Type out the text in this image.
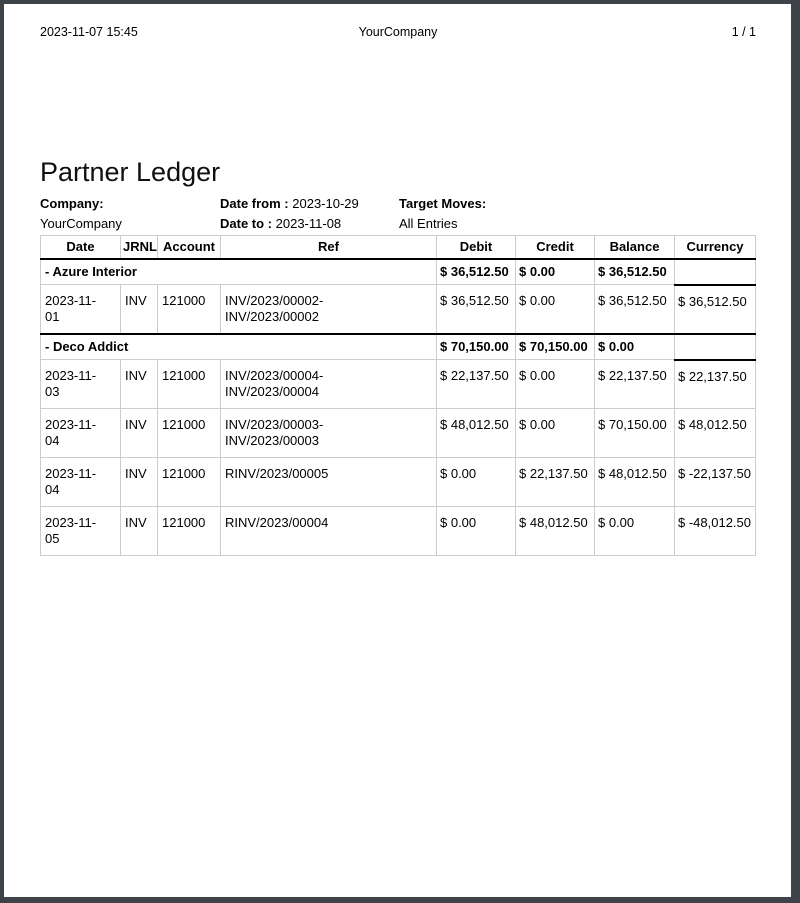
2023-11-07 15:45	YourCompany	1 / 1
Partner Ledger
Company:	Date from : 2023-10-29	Target Moves:
YourCompany	Date to : 2023-11-08	All Entries
Date	JRNL	Account	Ref	Debit	Credit	Balance	Currency
- Azure Interior				$ 36,512.50	$ 0.00	$ 36,512.50	
2023-11-01	INV	121000	INV/2023/00002-INV/2023/00002	$ 36,512.50	$ 0.00	$ 36,512.50	$ 36,512.50
- Deco Addict				$ 70,150.00	$ 70,150.00	$ 0.00	
2023-11-03	INV	121000	INV/2023/00004-INV/2023/00004	$ 22,137.50	$ 0.00	$ 22,137.50	$ 22,137.50
2023-11-04	INV	121000	INV/2023/00003-INV/2023/00003	$ 48,012.50	$ 0.00	$ 70,150.00	$ 48,012.50
2023-11-04	INV	121000	RINV/2023/00005	$ 0.00	$ 22,137.50	$ 48,012.50	$ -22,137.50
2023-11-05	INV	121000	RINV/2023/00004	$ 0.00	$ 48,012.50	$ 0.00	$ -48,012.50
